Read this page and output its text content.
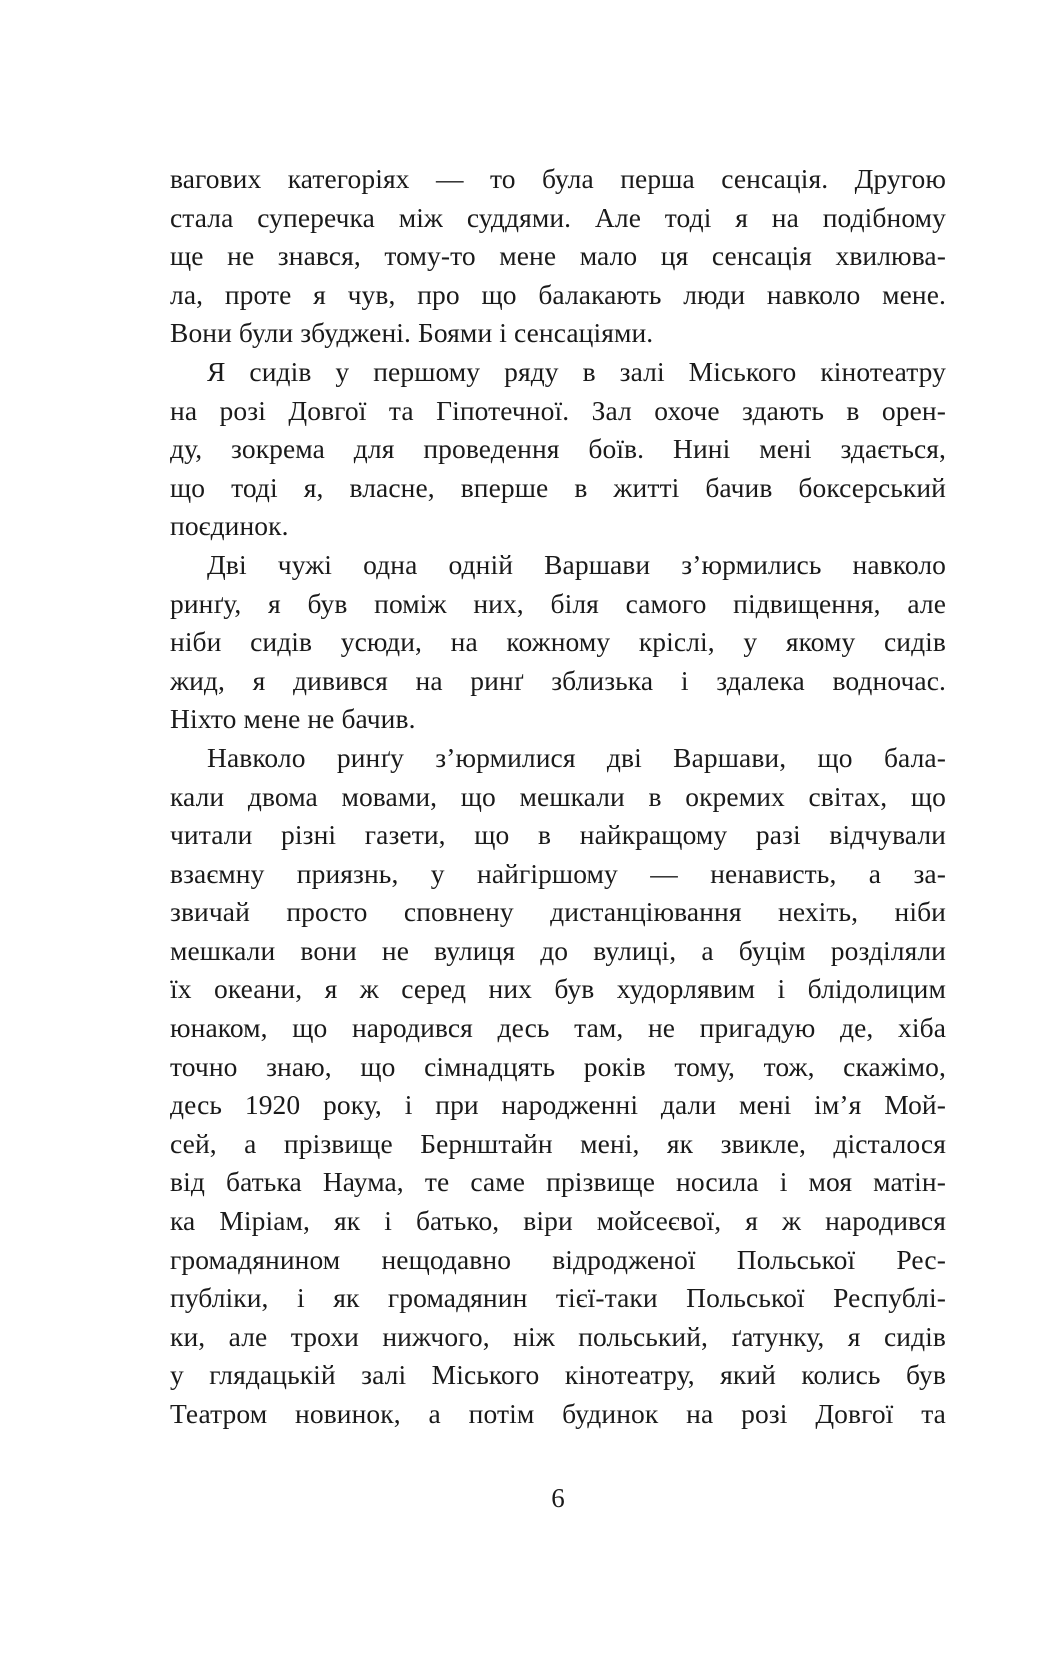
вагових категоріях — то була перша сенсація. Другою
стала суперечка між суддями. Але тоді я на подібному
ще не знався, тому-то мене мало ця сенсація хвилюва-
ла, проте я чув, про що балакають люди навколо мене.
Вони були збуджені. Боями і сенсаціями.
Я сидів у першому ряду в залі Міського кінотеатру
на розі Довгої та Гіпотечної. Зал охоче здають в орен-
ду, зокрема для проведення боїв. Нині мені здається,
що тоді я, власне, вперше в житті бачив боксерський
поєдинок.
Дві чужі одна одній Варшави з’юрмились навколо
ринґу, я був поміж них, біля самого підвищення, але
ніби сидів усюди, на кожному кріслі, у якому сидів
жид, я дивився на ринґ зблизька і здалека водночас.
Ніхто мене не бачив.
Навколо ринґу з’юрмилися дві Варшави, що бала-
кали двома мовами, що мешкали в окремих світах, що
читали різні газети, що в найкращому разі відчували
взаємну приязнь, у найгіршому — ненависть, а за-
звичай просто сповнену дистанціювання нехіть, ніби
мешкали вони не вулиця до вулиці, а буцім розділяли
їх океани, я ж серед них був худорлявим і блідолицим
юнаком, що народився десь там, не пригадую де, хіба
точно знаю, що сімнадцять років тому, тож, скажімо,
десь 1920 року, і при народженні дали мені ім’я Мой-
сей, а прізвище Бернштайн мені, як звикле, дісталося
від батька Наума, те саме прізвище носила і моя матін-
ка Міріам, як і батько, віри мойсеєвої, я ж народився
громадянином нещодавно відродженої Польської Рес-
публіки, і як громадянин тієї-таки Польської Республі-
ки, але трохи нижчого, ніж польський, ґатунку, я сидів
у глядацькій залі Міського кінотеатру, який колись був
Театром новинок, а потім будинок на розі Довгої та
6
